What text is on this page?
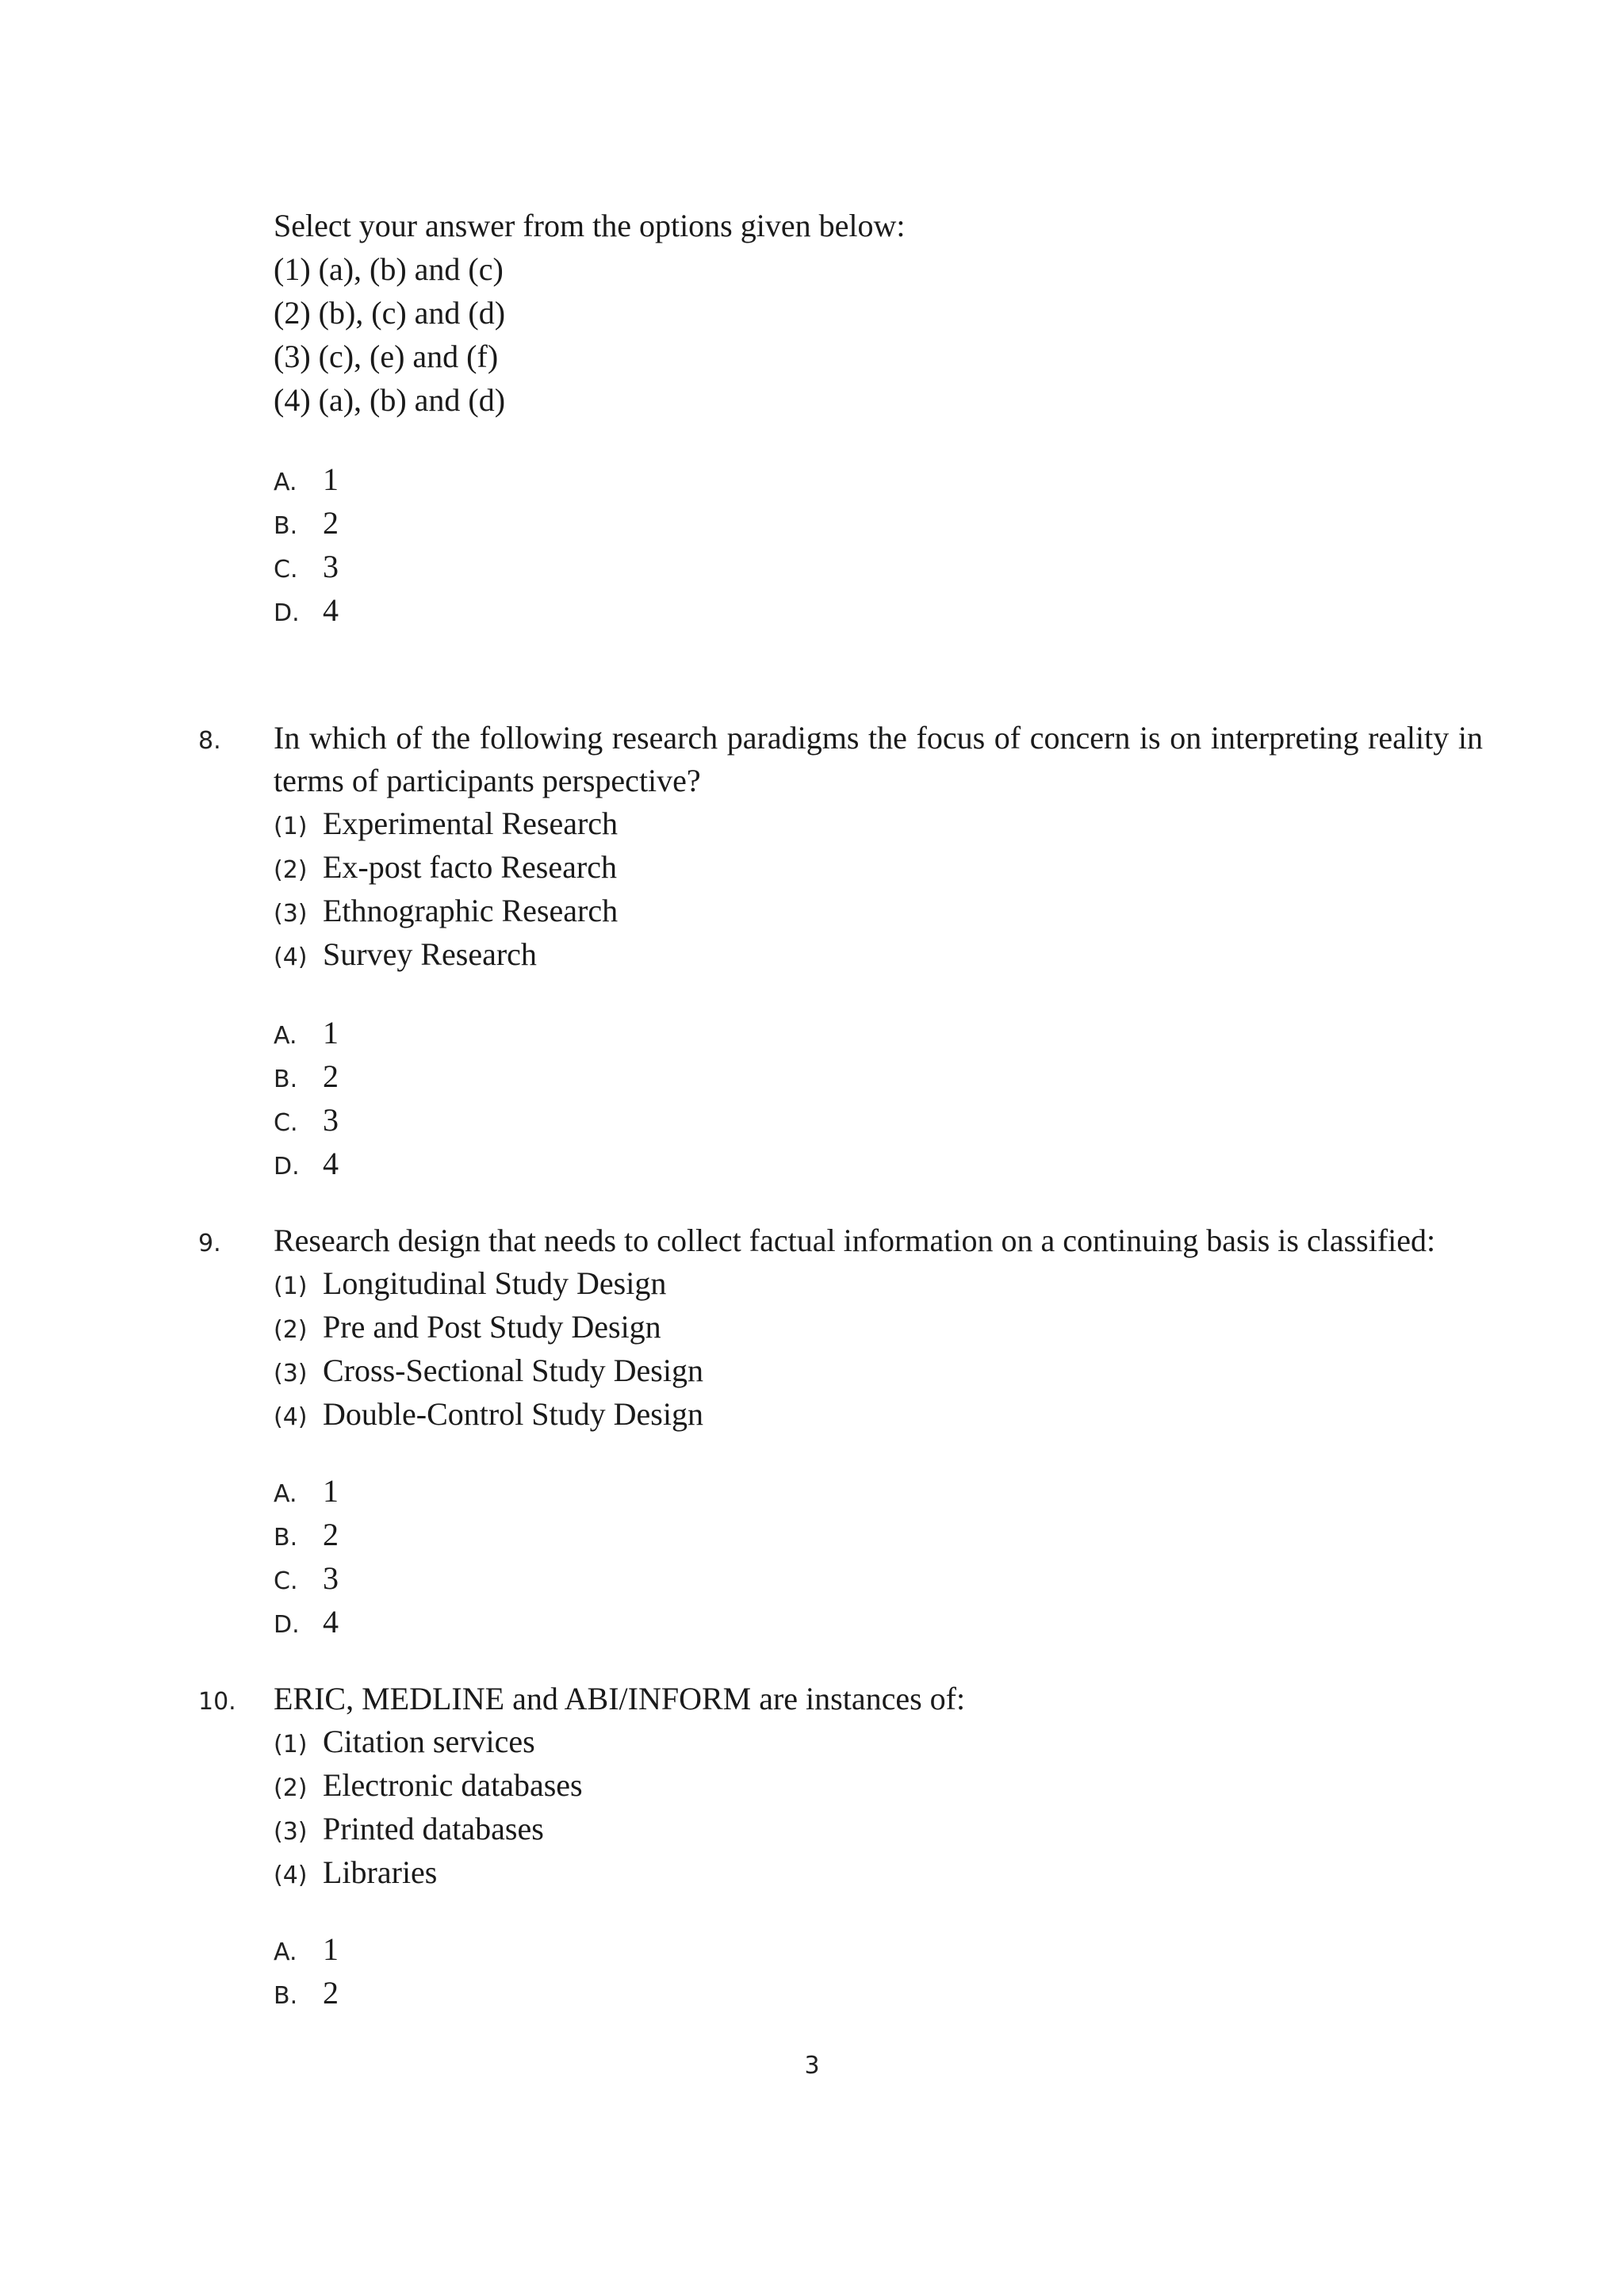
Select your answer from the options given below:
(1) (a), (b) and (c)
(2) (b), (c) and (d)
(3) (c), (e) and (f)
(4) (a), (b) and (d)
A. 1
B. 2
C. 3
D. 4
8.	In which of the following research paradigms the focus of concern is on interpreting reality in terms of participants perspective?
(1) Experimental Research
(2) Ex-post facto Research
(3) Ethnographic Research
(4) Survey Research
A. 1
B. 2
C. 3
D. 4
9.	Research design that needs to collect factual information on a continuing basis is classified:
(1) Longitudinal Study Design
(2) Pre and Post Study Design
(3) Cross-Sectional Study Design
(4) Double-Control Study Design
A. 1
B. 2
C. 3
D. 4
10.	ERIC, MEDLINE and ABI/INFORM are instances of:
(1) Citation services
(2) Electronic databases
(3) Printed databases
(4) Libraries
A. 1
B. 2
3
